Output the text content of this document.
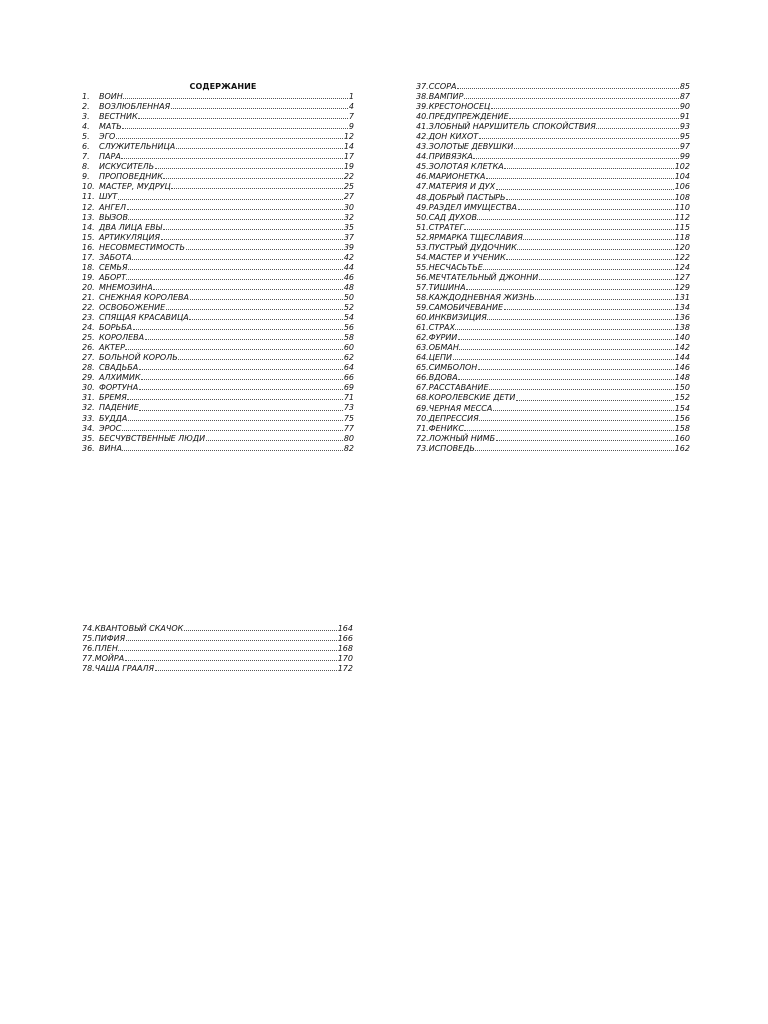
СОДЕРЖАНИЕ
1.	ВОИН	1
2.	ВОЗЛЮБЛЕННАЯ	4
3.	ВЕСТНИК	7
4.	МАТЬ	9
5.	ЭГО	12
6.	СЛУЖИТЕЛЬНИЦА	14
7.	ПАРА	17
8.	ИСКУСИТЕЛЬ	19
9.	ПРОПОВЕДНИК	22
10. МАСТЕР, МУДРУЦ	25
11. ШУТ	27
12. АНГЕЛ	30
13. ВЫЗОВ	32
14. ДВА ЛИЦА ЕВЫ	35
15. АРТИКУЛЯЦИЯ	37
16. НЕСОВМЕСТИМОСТЬ	39
17. ЗАБОТА	42
18. СЕМЬЯ	44
19. АБОРТ	46
20. МНЕМОЗИНА	48
21. СНЕЖНАЯ КОРОЛЕВА	50
22. ОСВОБОЖЕНИЕ	52
23. СПЯЩАЯ КРАСАВИЦА	54
24. БОРЬБА	56
25. КОРОЛЕВА	58
26. АКТЕР	60
27. БОЛЬНОЙ КОРОЛЬ	62
28. СВАДЬБА	64
29. АЛХИМИК	66
30. ФОРТУНА	69
31. БРЕМЯ	71
32. ПАДЕНИЕ	73
33. БУДДА	75
34. ЭРОС	77
35. БЕСЧУВСТВЕННЫЕ ЛЮДИ	80
36. ВИНА	82
37. ССОРА	85
38. ВАМПИР	87
39. КРЕСТОНОСЕЦ	90
40. ПРЕДУПРЕЖДЕНИЕ	91
41. ЗЛОБНЫЙ НАРУШИТЕЛЬ СПОКОЙСТВИЯ	93
42. ДОН КИХОТ	95
43. ЗОЛОТЫЕ ДЕВУШКИ	97
44. ПРИВЯЗКА	99
45. ЗОЛОТАЯ КЛЕТКА	102
46. МАРИОНЕТКА	104
47. МАТЕРИЯ И ДУХ	106
48. ДОБРЫЙ ПАСТЫРЬ	108
49. РАЗДЕЛ ИМУЩЕСТВА	110
50. САД ДУХОВ	112
51. СТРАТЕГ	115
52. ЯРМАРКА ТЩЕСЛАВИЯ	118
53. ПУСТРЫЙ ДУДОЧНИК	120
54. МАСТЕР И УЧЕНИК	122
55. НЕСЧАСЬТЬЕ	124
56. МЕЧТАТЕЛЬНЫЙ ДЖОННИ	127
57. ТИШИНА	129
58. КАЖДОДНЕВНАЯ ЖИЗНЬ	131
59. САМОБИЧЕВАНИЕ	134
60. ИНКВИЗИЦИЯ	136
61. СТРАХ	138
62. ФУРИИ	140
63. ОБМАН	142
64. ЦЕПИ	144
65. СИМБОЛОН	146
66. ВДОВА	148
67. РАССТАВАНИЕ	150
68. КОРОЛЕВСКИЕ ДЕТИ	152
69. ЧЕРНАЯ МЕССА	154
70. ДЕПРЕССИЯ	156
71. ФЕНИКС	158
72. ЛОЖНЫЙ НИМБ	160
73. ИСПОВЕДЬ	162
74. КВАНТОВЫЙ СКАЧОК	164
75. ПИФИЯ	166
76. ПЛЕН	168
77. МОЙРА	170
78. ЧАША ГРААЛЯ	172
